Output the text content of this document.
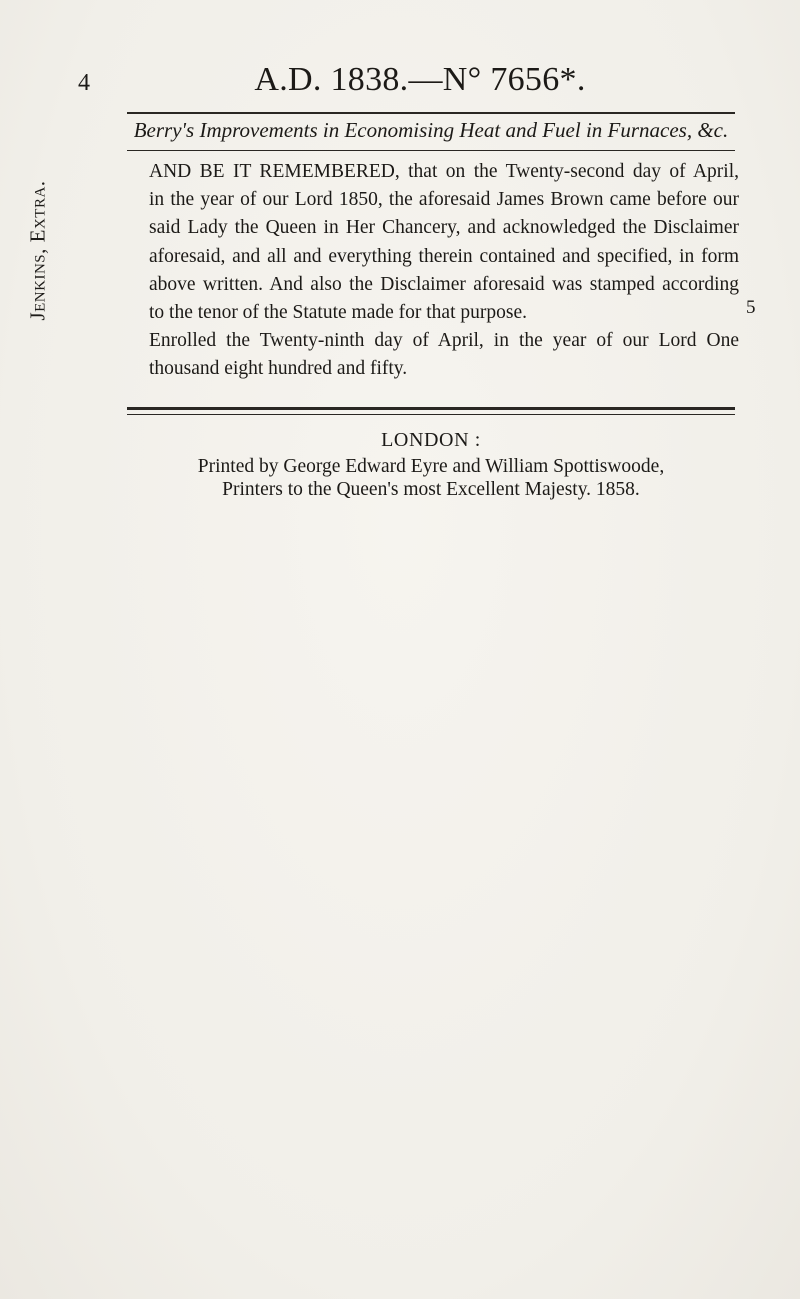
Jenkins, Extra.
4	A.D. 1838.—N° 7656*.
Berry's Improvements in Economising Heat and Fuel in Furnaces, &c.

AND BE IT REMEMBERED, that on the Twenty-second day of April,
in the year of our Lord 1850, the aforesaid James Brown came before our
said Lady the Queen in Her Chancery, and acknowledged the Disclaimer
aforesaid, and all and everything therein contained and specified, in form
above written. And also the Disclaimer aforesaid was stamped according
to the tenor of the Statute made for that purpose.

Enrolled the Twenty-ninth day of April, in the year of our Lord One
thousand eight hundred and fifty.

5
LONDON :
Printed by George Edward Eyre and William Spottiswoode,
Printers to the Queen's most Excellent Majesty. 1858.
